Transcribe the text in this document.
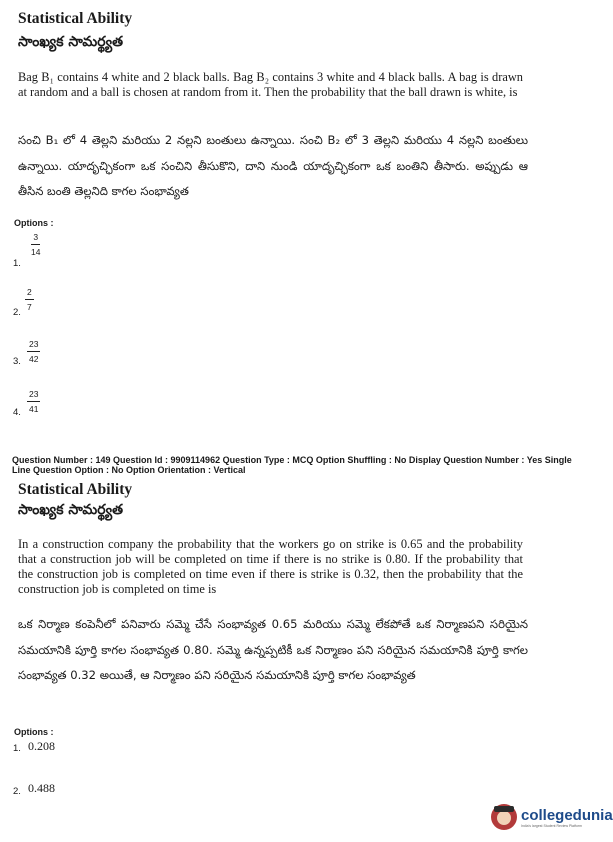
Statistical Ability
సాంఖ్యక సామర్థ్యత
Bag B₁ contains 4 white and 2 black balls. Bag B₂ contains 3 white and 4 black balls. A bag is drawn at random and a ball is chosen at random from it. Then the probability that the ball drawn is white, is
సంచి B₁ లో 4 తెల్లని మరియు 2 నల్లని బంతులు ఉన్నాయి. సంచి B₂ లో 3 తెల్లని మరియు 4 నల్లని బంతులు ఉన్నాయి. యాదృచ్ఛికంగా ఒక సంచిని తీసుకొని, దాని నుండి యాదృచ్ఛికంగా ఒక బంతిని తీసారు. అప్పుడు ఆ తీసిన బంతి తెల్లనిది కాగల సంభావ్యత
Options :
1.
3
14
2.
2
7
3.
23
42
4.
23
41
Question Number : 149 Question Id : 9909114962 Question Type : MCQ Option Shuffling : No Display Question Number : Yes Single Line Question Option : No Option Orientation : Vertical
Statistical Ability
సాంఖ్యక సామర్థ్యత
In a construction company the probability that the workers go on strike is 0.65 and the probability that a construction job will be completed on time if there is no strike is 0.80. If the probability that the construction job is completed on time even if there is strike is 0.32, then the probability that the construction job is completed on time is
ఒక నిర్మాణ కంపెనీలో పనివారు సమ్మె చేసే సంభావ్యత 0.65 మరియు సమ్మె లేకపోతే ఒక నిర్మాణపని సరియైన సమయానికి పూర్తి కాగల సంభావ్యత 0.80. సమ్మె ఉన్నప్పటికీ ఒక నిర్మాణం పని సరియైన సమయానికి పూర్తి కాగల సంభావ్యత 0.32 అయితే, ఆ నిర్మాణం పని సరియైన సమయానికి పూర్తి కాగల సంభావ్యత
Options :
1. 0.208
2. 0.488
collegedunia
India's largest Student Review Platform
